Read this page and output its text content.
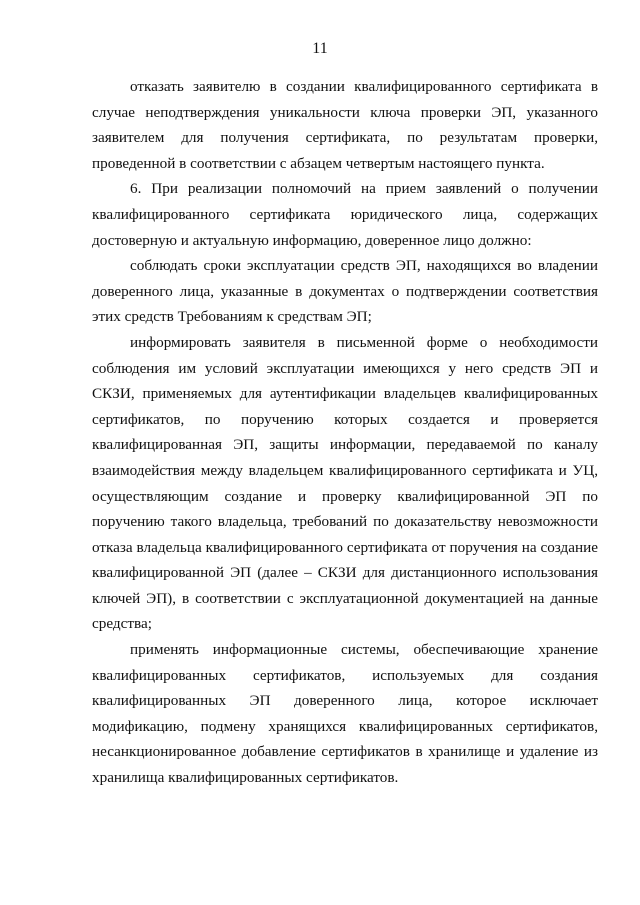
11

отказать заявителю в создании квалифицированного сертификата в случае неподтверждения уникальности ключа проверки ЭП, указанного заявителем для получения сертификата, по результатам проверки, проведенной в соответствии с абзацем четвертым настоящего пункта.

6. При реализации полномочий на прием заявлений о получении квалифицированного сертификата юридического лица, содержащих достоверную и актуальную информацию, доверенное лицо должно:

соблюдать сроки эксплуатации средств ЭП, находящихся во владении доверенного лица, указанные в документах о подтверждении соответствия этих средств Требованиям к средствам ЭП;

информировать заявителя в письменной форме о необходимости соблюдения им условий эксплуатации имеющихся у него средств ЭП и СКЗИ, применяемых для аутентификации владельцев квалифицированных сертификатов, по поручению которых создается и проверяется квалифицированная ЭП, защиты информации, передаваемой по каналу взаимодействия между владельцем квалифицированного сертификата и УЦ, осуществляющим создание и проверку квалифицированной ЭП по поручению такого владельца, требований по доказательству невозможности отказа владельца квалифицированного сертификата от поручения на создание квалифицированной ЭП (далее – СКЗИ для дистанционного использования ключей ЭП), в соответствии с эксплуатационной документацией на данные средства;

применять информационные системы, обеспечивающие хранение квалифицированных сертификатов, используемых для создания квалифицированных ЭП доверенного лица, которое исключает модификацию, подмену хранящихся квалифицированных сертификатов, несанкционированное добавление сертификатов в хранилище и удаление из хранилища квалифицированных сертификатов.
